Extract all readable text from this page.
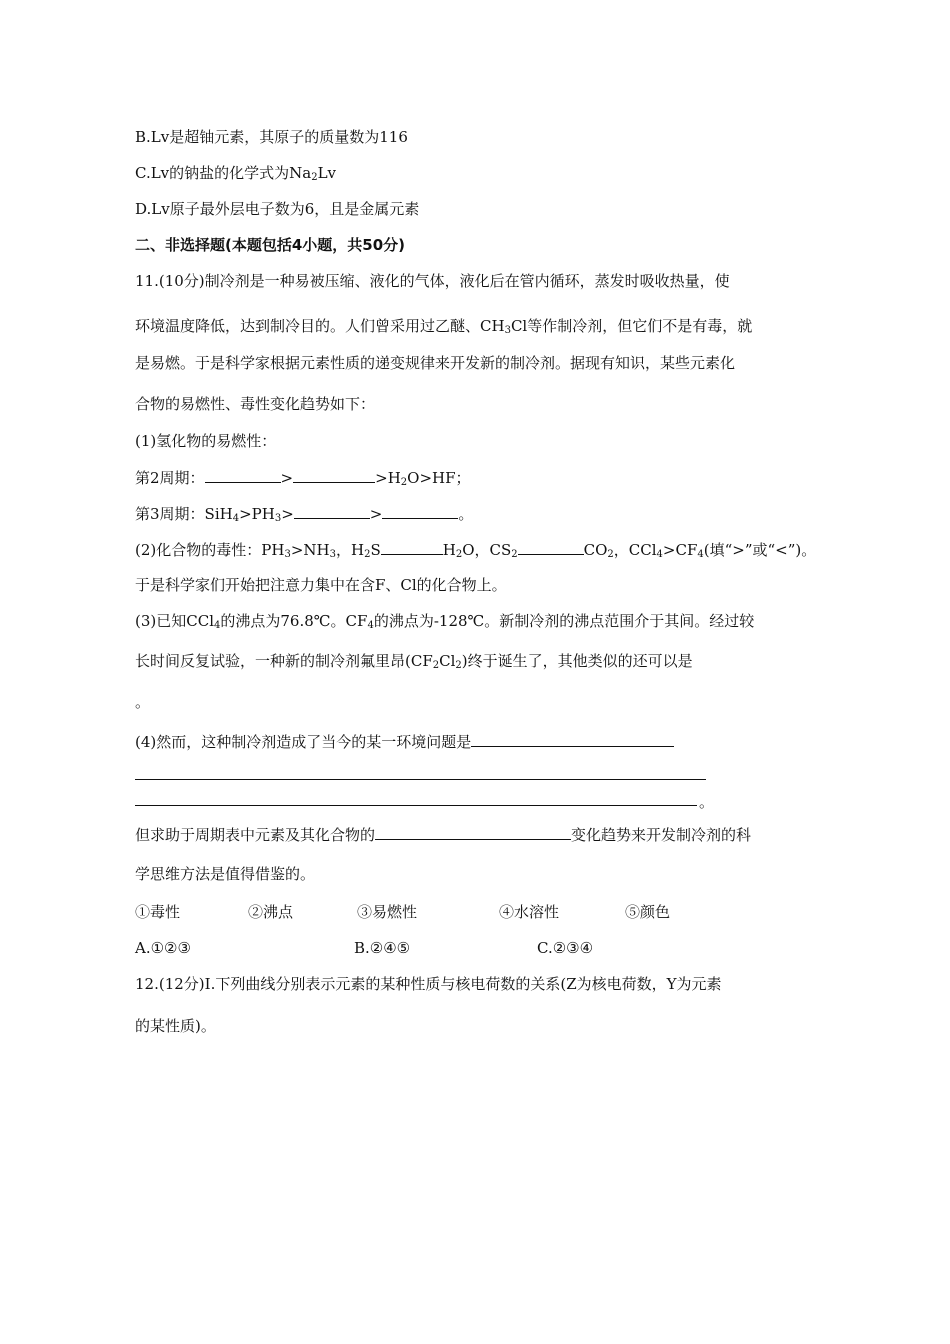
B.Lv是超铀元素，其原子的质量数为116
C.Lv的钠盐的化学式为$Na_2Lv$
D.Lv原子最外层电子数为6，且是金属元素
二、非选择题(本题包括4小题，共50分)
11.(10分)制冷剂是一种易被压缩、液化的气体，液化后在管内循环，蒸发时吸收热量，使
环境温度降低，达到制冷目的。人们曾采用过乙醚、$CH_3Cl$等作制冷剂，但它们不是有毒，就
是易燃。于是科学家根据元素性质的递变规律来开发新的制冷剂。据现有知识，某些元素化
合物的易燃性、毒性变化趋势如下：
(1)氢化物的易燃性：
第2周期：	>	$>H_2O>HF$；
第3周期：$SiH_4>PH_3>$	>	。
(2)化合物的毒性：$PH_3>NH_3$，$H_2S$	$H_2O$，$CS_2$	$CO_2$，$CCl_4>CF_4$(填“>”或“<”)。
于是科学家们开始把注意力集中在含F、Cl的化合物上。
(3)已知CCl$_4$的沸点为76.8℃。$CF_4$的沸点为-128℃。新制冷剂的沸点范围介于其间。经过较
长时间反复试验，一种新的制冷剂氟里昂$(CF_2Cl_2)$终于诞生了，其他类似的还可以是
。
(4)然而，这种制冷剂造成了当今的某一环境问题是
。
但求助于周期表中元素及其化合物的	变化趋势来开发制冷剂的科
学思维方法是值得借鉴的。
①毒性	②沸点	③易燃性	④水溶性	⑤颜色
A.①②③	B.②④⑤	C.②③④
12.(12分)Ⅰ.下列曲线分别表示元素的某种性质与核电荷数的关系(Z为核电荷数，Y为元素
的某性质)。
